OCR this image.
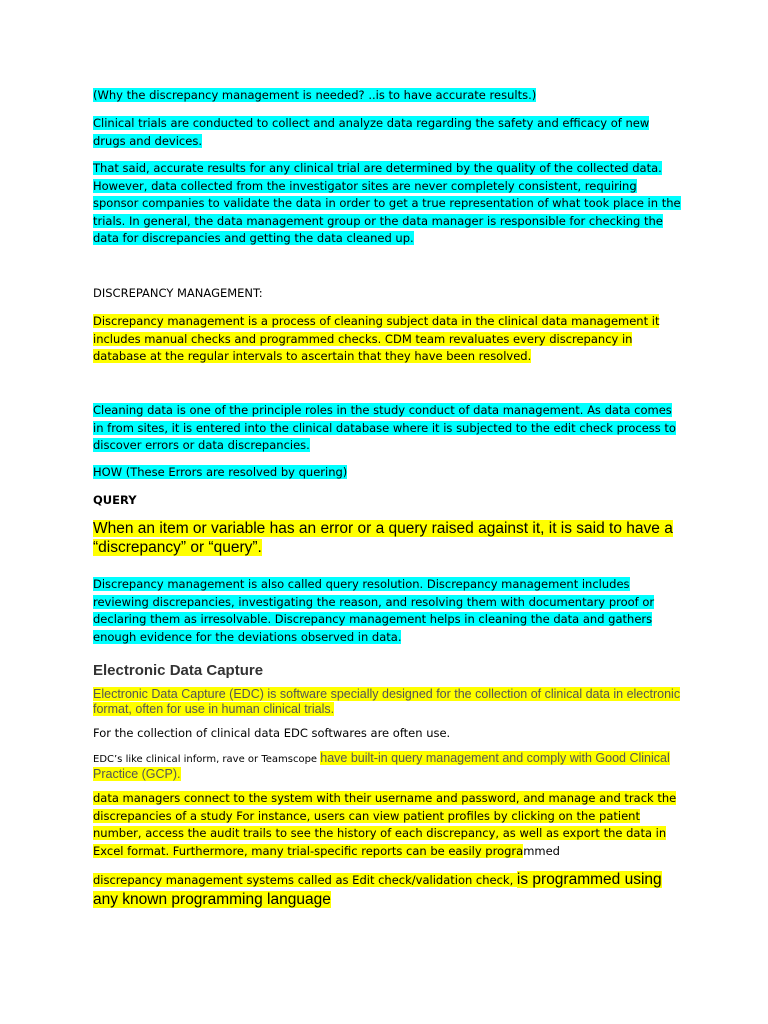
(Why the discrepancy management is needed? ..is to have accurate results.)

Clinical trials are conducted to collect and analyze data regarding the safety and efficacy of new drugs and devices.

That said, accurate results for any clinical trial are determined by the quality of the collected data. However, data collected from the investigator sites are never completely consistent, requiring sponsor companies to validate the data in order to get a true representation of what took place in the trials. In general, the data management group or the data manager is responsible for checking the data for discrepancies and getting the data cleaned up.

DISCREPANCY MANAGEMENT:

Discrepancy management is a process of cleaning subject data in the clinical data management it includes manual checks and programmed checks. CDM team revaluates every discrepancy in database at the regular intervals to ascertain that they have been resolved.

Cleaning data is one of the principle roles in the study conduct of data management. As data comes in from sites, it is entered into the clinical database where it is subjected to the edit check process to discover errors or data discrepancies.

HOW (These Errors are resolved by quering)

QUERY

When an item or variable has an error or a query raised against it, it is said to have a “discrepancy” or “query”.

Discrepancy management is also called query resolution. Discrepancy management includes reviewing discrepancies, investigating the reason, and resolving them with documentary proof or declaring them as irresolvable. Discrepancy management helps in cleaning the data and gathers enough evidence for the deviations observed in data.

Electronic Data Capture

Electronic Data Capture (EDC) is software specially designed for the collection of clinical data in electronic format, often for use in human clinical trials.

For the collection of clinical data EDC softwares are often use.

EDC’s like clinical inform, rave or Teamscope have built-in query management and comply with Good Clinical Practice (GCP).

data managers connect to the system with their username and password, and manage and track the discrepancies of a study For instance, users can view patient profiles by clicking on the patient number, access the audit trails to see the history of each discrepancy, as well as export the data in Excel format. Furthermore, many trial-specific reports can be easily programmed

discrepancy management systems called as Edit check/validation check, is programmed using any known programming language
